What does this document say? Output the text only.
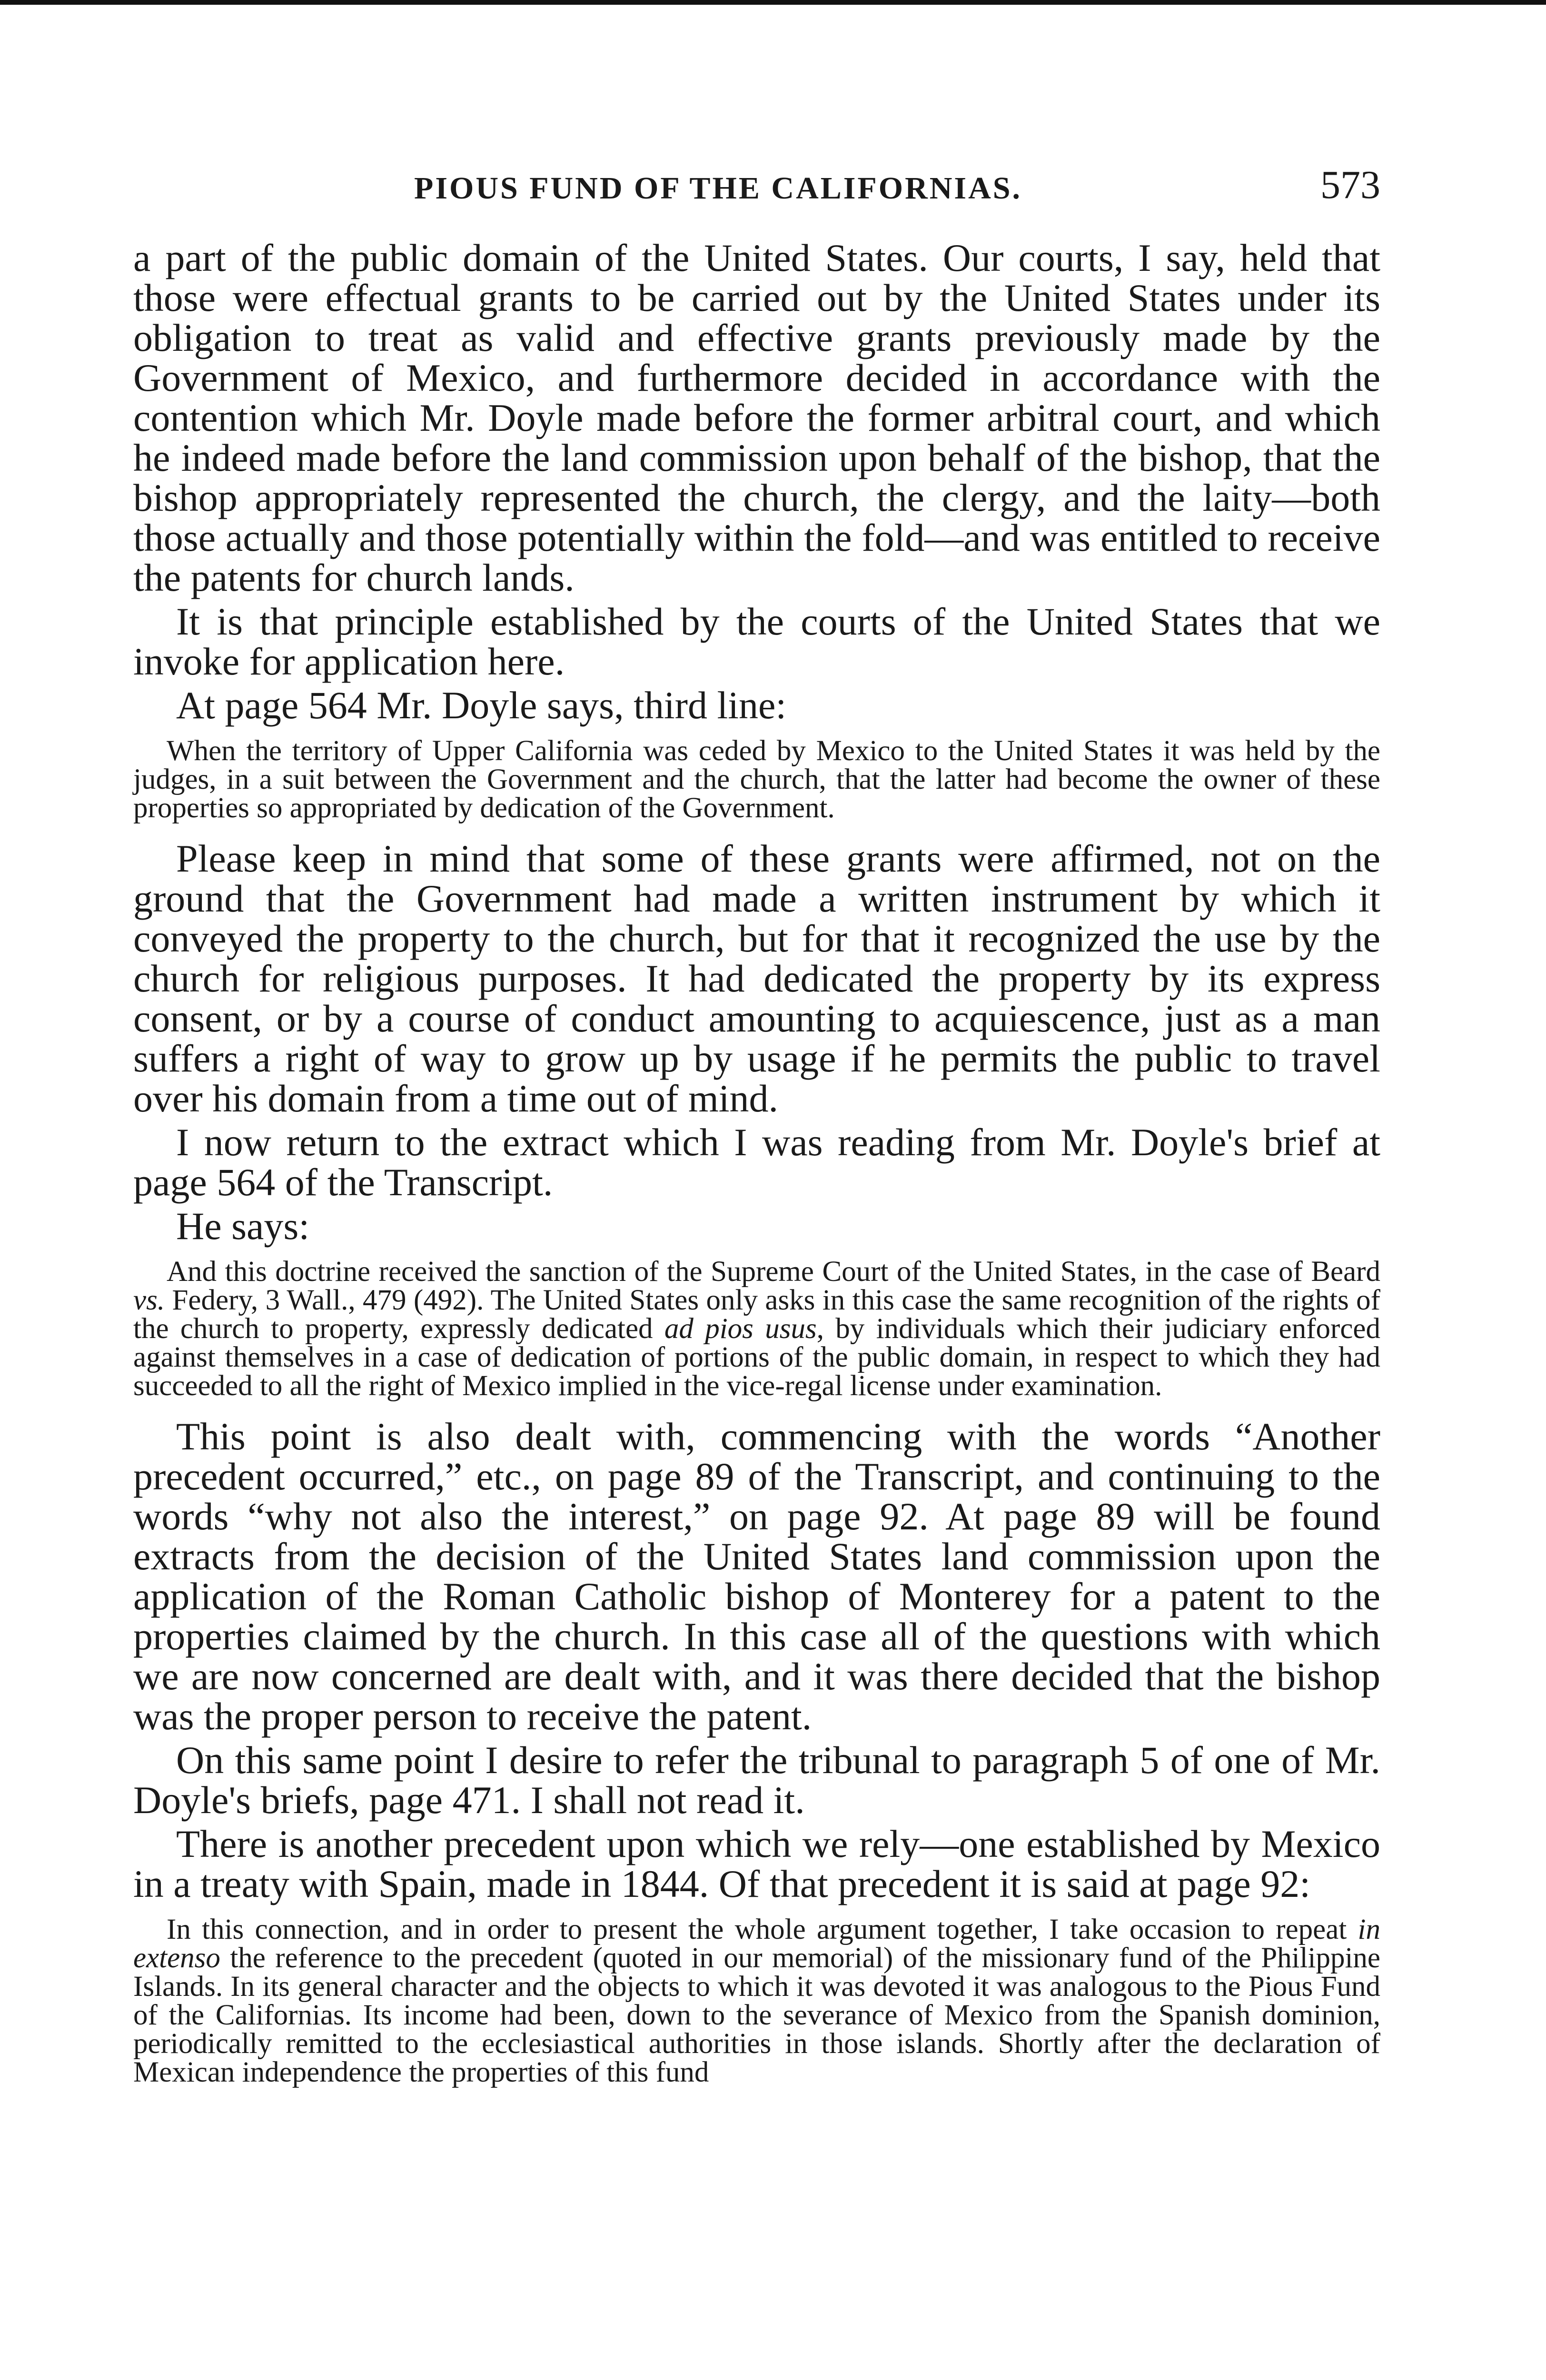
PIOUS FUND OF THE CALIFORNIAS.	573

a part of the public domain of the United States. Our courts, I say, held that those were effectual grants to be carried out by the United States under its obligation to treat as valid and effective grants previously made by the Government of Mexico, and furthermore decided in accordance with the contention which Mr. Doyle made before the former arbitral court, and which he indeed made before the land commission upon behalf of the bishop, that the bishop appropriately represented the church, the clergy, and the laity—both those actually and those potentially within the fold—and was entitled to receive the patents for church lands.

It is that principle established by the courts of the United States that we invoke for application here.

At page 564 Mr. Doyle says, third line:

When the territory of Upper California was ceded by Mexico to the United States it was held by the judges, in a suit between the Government and the church, that the latter had become the owner of these properties so appropriated by dedication of the Government.

Please keep in mind that some of these grants were affirmed, not on the ground that the Government had made a written instrument by which it conveyed the property to the church, but for that it recognized the use by the church for religious purposes. It had dedicated the property by its express consent, or by a course of conduct amounting to acquiescence, just as a man suffers a right of way to grow up by usage if he permits the public to travel over his domain from a time out of mind.

I now return to the extract which I was reading from Mr. Doyle's brief at page 564 of the Transcript.

He says:

And this doctrine received the sanction of the Supreme Court of the United States, in the case of Beard vs. Federy, 3 Wall., 479 (492). The United States only asks in this case the same recognition of the rights of the church to property, expressly dedicated ad pios usus, by individuals which their judiciary enforced against themselves in a case of dedication of portions of the public domain, in respect to which they had succeeded to all the right of Mexico implied in the vice-regal license under examination.

This point is also dealt with, commencing with the words “Another precedent occurred,” etc., on page 89 of the Transcript, and continuing to the words “why not also the interest,” on page 92. At page 89 will be found extracts from the decision of the United States land commission upon the application of the Roman Catholic bishop of Monterey for a patent to the properties claimed by the church. In this case all of the questions with which we are now concerned are dealt with, and it was there decided that the bishop was the proper person to receive the patent.

On this same point I desire to refer the tribunal to paragraph 5 of one of Mr. Doyle's briefs, page 471. I shall not read it.

There is another precedent upon which we rely—one established by Mexico in a treaty with Spain, made in 1844. Of that precedent it is said at page 92:

In this connection, and in order to present the whole argument together, I take occasion to repeat in extenso the reference to the precedent (quoted in our memorial) of the missionary fund of the Philippine Islands. In its general character and the objects to which it was devoted it was analogous to the Pious Fund of the Californias. Its income had been, down to the severance of Mexico from the Spanish dominion, periodically remitted to the ecclesiastical authorities in those islands. Shortly after the declaration of Mexican independence the properties of this fund
